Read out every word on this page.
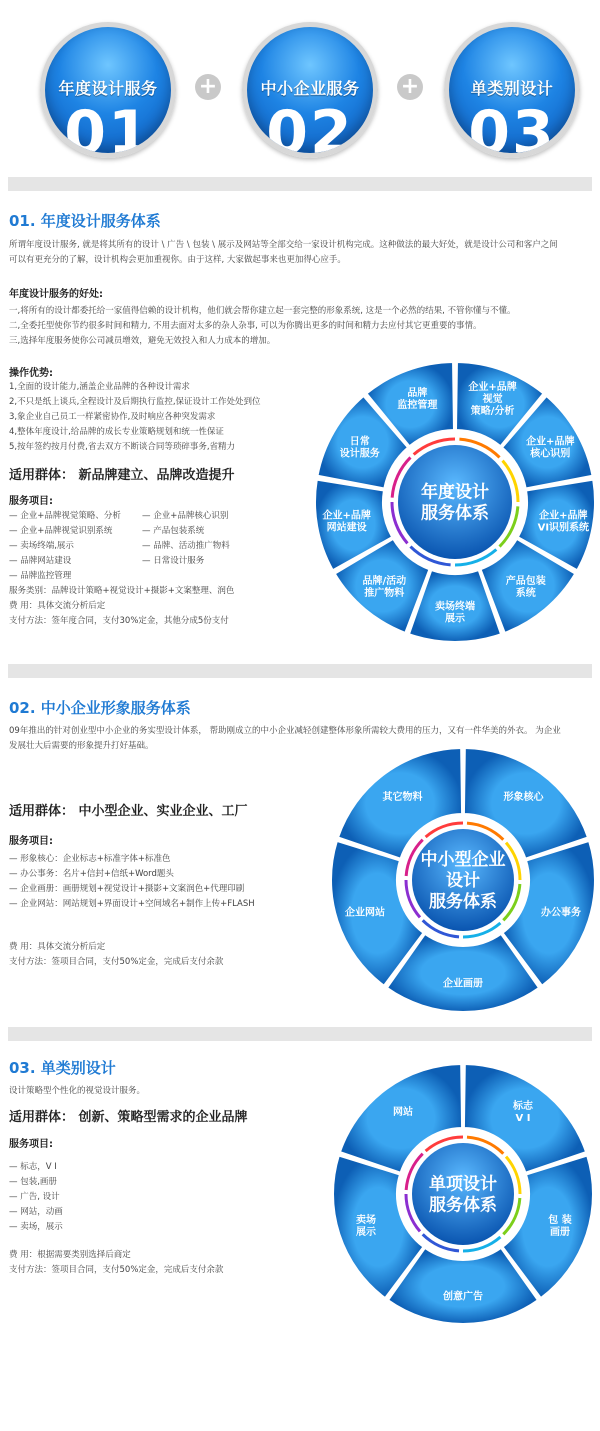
年度设计服务
01
+	中小企业服务
02
+	单类别设计
03
01. 年度设计服务体系
所谓年度设计服务, 就是将其所有的设计 \ 广告 \ 包装 \ 展示及网站等全部交给一家设计机构完成。这种做法的最大好处，就是设计公司和客户之间
可以有更充分的了解，设计机构会更加重视你。由于这样, 大家做起事来也更加得心应手。
年度设计服务的好处:
一,将所有的设计都委托给一家值得信赖的设计机构，他们就会帮你建立起一套完整的形象系统, 这是一个必然的结果, 不管你懂与不懂。
二,全委托型使你节约很多时间和精力, 不用去面对太多的杂人杂事, 可以为你腾出更多的时间和精力去应付其它更重要的事情。
三,选择年度服务使你公司减员增效，避免无效投入和人力成本的增加。
操作优势:
1,全面的设计能力,涵盖企业品牌的各种设计需求
2,不只是纸上谈兵,全程设计及后期执行监控,保证设计工作处处到位
3,象企业自己员工一样紧密协作,及时响应各种突发需求
4,整体年度设计,给品牌的成长专业策略规划和统一性保证
5,按年签约按月付费,省去双方不断谈合同等琐碎事务,省精力
适用群体： 新品牌建立、品牌改造提升
服务项目:
— 企业+品牌视觉策略、分析
— 企业+品牌视觉识别系统
— 卖场终端,展示
— 品牌网站建设
— 品牌监控管理
— 企业+品牌核心识别
— 产品包装系统
— 品牌、活动推广物料
— 日常设计服务
服务类别：品牌设计策略+视觉设计+摄影+文案整理、润色
费 用：具体交流分析后定
支付方法：签年度合同，支付30%定金，其他分成5份支付
品牌
监控管理
企业+品牌
视觉
策略/分析
企业+品牌
核心识别
企业+品牌
VI识别系统
产品包装
系统
卖场终端
展示
品牌/活动
推广物料
企业+品牌
网站建设
日常
设计服务
年度设计
服务体系
02. 中小企业形象服务体系
09年推出的针对创业型中小企业的务实型设计体系， 帮助刚成立的中小企业减轻创建整体形象所需较大费用的压力，又有一件华美的外衣。 为企业
发展壮大后需要的形象提升打好基础。
适用群体： 中小型企业、实业企业、工厂
服务项目:
— 形象核心：企业标志+标准字体+标准色
— 办公事务：名片+信封+信纸+Word题头
— 企业画册：画册规划+视觉设计+摄影+文案润色+代理印刷
— 企业网站：网站规划+界面设计+空间域名+制作上传+FLASH
费 用：具体交流分析后定
支付方法：签项目合同，支付50%定金，完成后支付余款
形象核心
办公事务
企业画册
企业网站
其它物料
中小型企业
设计
服务体系
03. 单类别设计
设计策略型个性化的视觉设计服务。
适用群体： 创新、策略型需求的企业品牌
服务项目:
— 标志，V I
— 包装,画册
— 广告, 设计
— 网站，动画
— 卖场，展示
费 用：根据需要类别选择后商定
支付方法：签项目合同，支付50%定金，完成后支付余款
标志
V I
包 装
画册
创意广告
卖场
展示
网站
单项设计
服务体系
